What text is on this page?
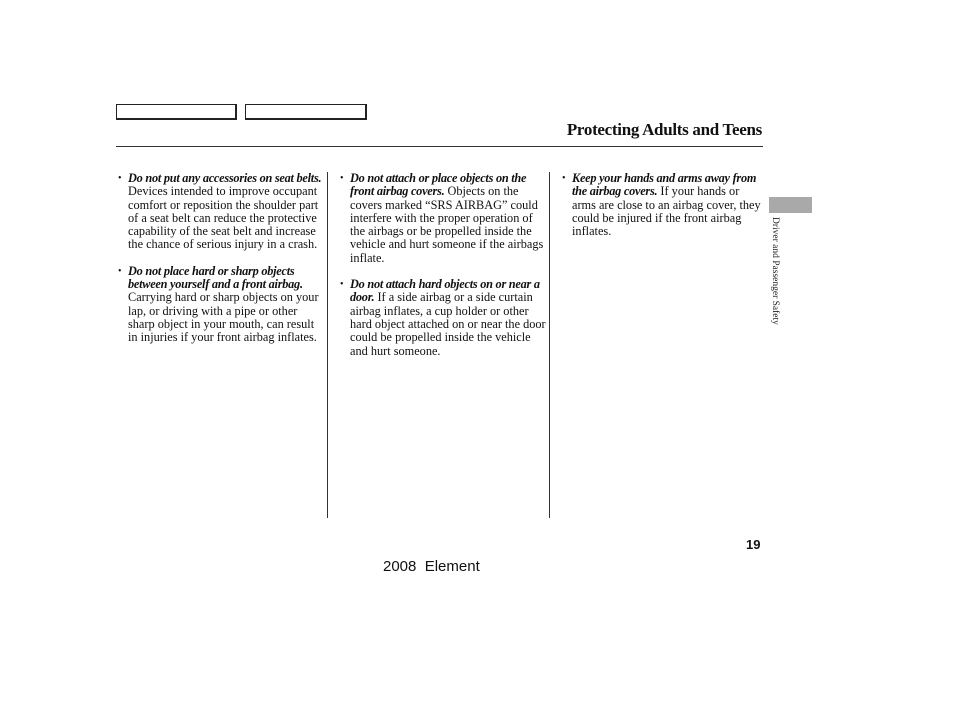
Protecting Adults and Teens
• Do not put any accessories on seat belts. Devices intended to improve occupant comfort or reposition the shoulder part of a seat belt can reduce the protective capability of the seat belt and increase the chance of serious injury in a crash.
• Do not place hard or sharp objects between yourself and a front airbag. Carrying hard or sharp objects on your lap, or driving with a pipe or other sharp object in your mouth, can result in injuries if your front airbag inflates.
• Do not attach or place objects on the front airbag covers. Objects on the covers marked “SRS AIRBAG” could interfere with the proper operation of the airbags or be propelled inside the vehicle and hurt someone if the airbags inflate.
• Do not attach hard objects on or near a door. If a side airbag or a side curtain airbag inflates, a cup holder or other hard object attached on or near the door could be propelled inside the vehicle and hurt someone.
• Keep your hands and arms away from the airbag covers. If your hands or arms are close to an airbag cover, they could be injured if the front airbag inflates.	Driver and Passenger Safety
19
2008  Element
